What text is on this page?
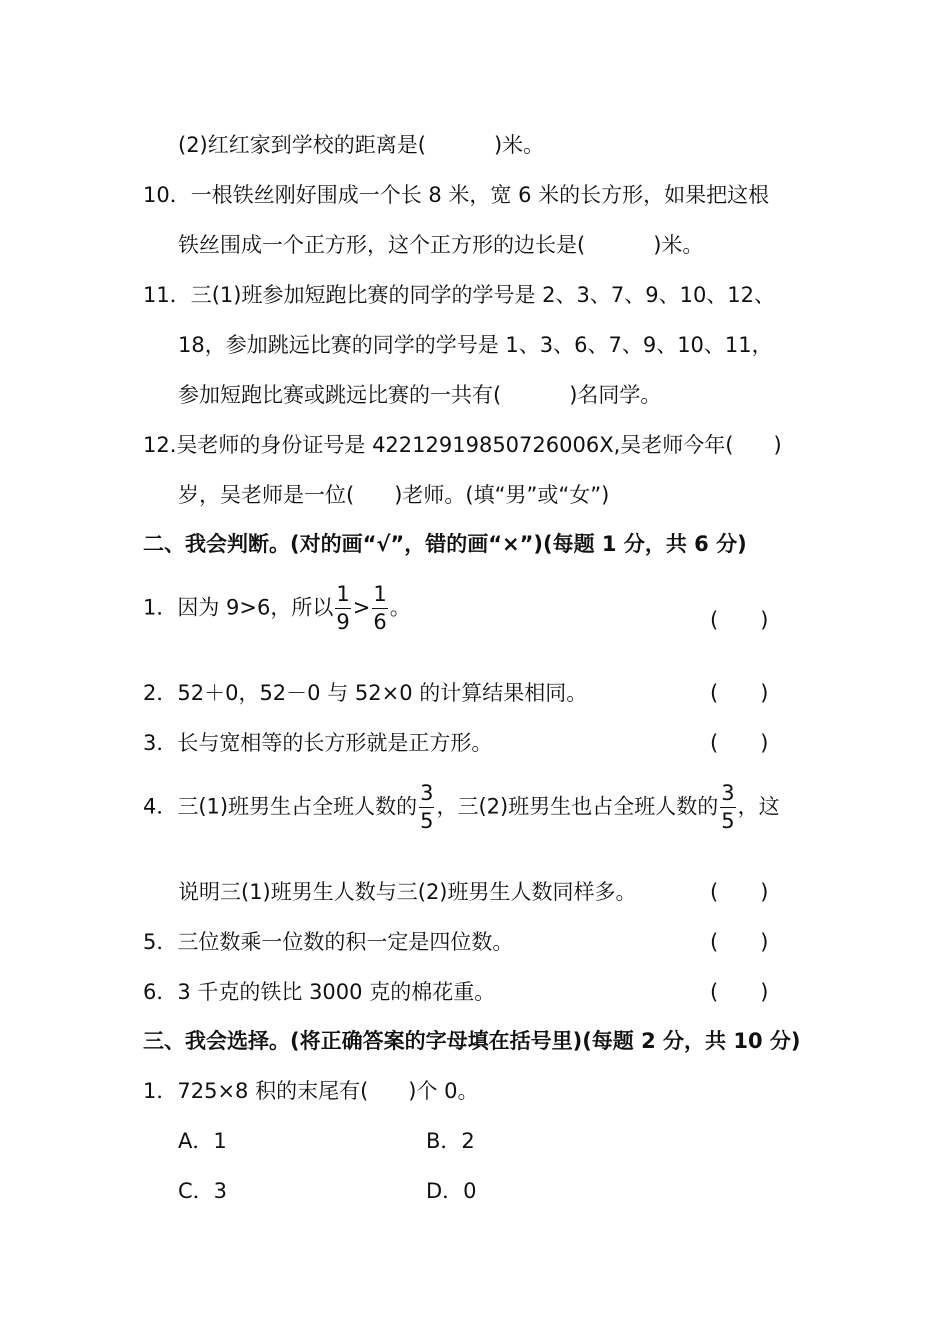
(2)红红家到学校的距离是(	)米。
10．一根铁丝刚好围成一个长 8 米，宽 6 米的长方形，如果把这根
铁丝围成一个正方形，这个正方形的边长是(	)米。
11．三(1)班参加短跑比赛的同学的学号是 2、3、7、9、10、12、
18，参加跳远比赛的同学的学号是 1、3、6、7、9、10、11，
参加短跑比赛或跳远比赛的一共有(	)名同学。
12.吴老师的身份证号是 42212919850726006X,吴老师今年( )
岁，吴老师是一位( )老师。(填“男”或“女”)
二、我会判断。(对的画“√”，错的画“×”)(每题 1 分，共 6 分)
1．因为 9>6，所以 $\frac{1}{9} > \frac{1}{6}$ 。
(　　)
2．52＋0，52－0 与 52×0 的计算结果相同。	(　　)
3．长与宽相等的长方形就是正方形。	(　　)
4．三(1)班男生占全班人数的 $\frac{3}{5}$ ，三(2)班男生也占全班人数的 $\frac{3}{5}$ ，这
说明三(1)班男生人数与三(2)班男生人数同样多。	(　　)
5．三位数乘一位数的积一定是四位数。	(　　)
6．3 千克的铁比 3000 克的棉花重。	(　　)
三、我会选择。(将正确答案的字母填在括号里)(每题 2 分，共 10 分)
1．725×8 积的末尾有( )个 0。
A．1	B．2
C．3	D．0
